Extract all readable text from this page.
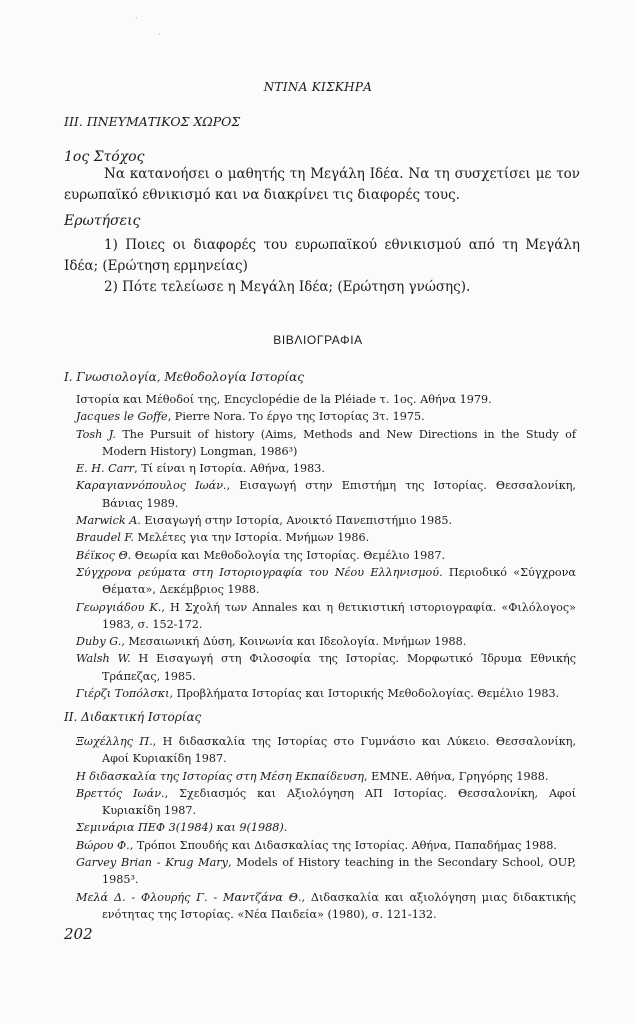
·
·
ΝΤΙΝΑ ΚΙΣΚΗΡΑ
ΙΙΙ. ΠΝΕΥΜΑΤΙΚΟΣ ΧΩΡΟΣ
1ος Στόχος
Να κατανοήσει ο μαθητής τη Μεγάλη Ιδέα. Να τη συσχετίσει με τον ευρωπαϊκό εθνικισμό και να διακρίνει τις διαφορές τους.
Ερωτήσεις
1) Ποιες οι διαφορές του ευρωπαϊκού εθνικισμού από τη Μεγάλη Ιδέα; (Ερώτηση ερμηνείας)
2) Πότε τελείωσε η Μεγάλη Ιδέα; (Ερώτηση γνώσης).
ΒΙΒΛΙΟΓΡΑΦΙΑ
Ι. Γνωσιολογία, Μεθοδολογία Ιστορίας
Ιστορία και Μέθοδοί της, Encyclopédie de la Pléiade τ. 1ος. Αθήνα 1979.
Jacques le Goffe, Pierre Nora. Το έργο της Ιστορίας 3τ. 1975.
Tosh J. The Pursuit of history (Aims, Methods and New Directions in the Study of Modern History) Longman, 1986³)
E. H. Carr, Τί είναι η Ιστορία. Αθήνα, 1983.
Καραγιαννόπουλος Ιωάν., Εισαγωγή στην Επιστήμη της Ιστορίας. Θεσσαλονίκη, Βάνιας 1989.
Marwick A. Εισαγωγή στην Ιστορία, Ανοικτό Πανεπιστήμιο 1985.
Braudel F. Μελέτες για την Ιστορία. Μνήμων 1986.
Βέϊκος Θ. Θεωρία και Μεθοδολογία της Ιστορίας. Θεμέλιο 1987.
Σύγχρονα ρεύματα στη Ιστοριογραφία του Νέου Ελληνισμού. Περιοδικό «Σύγχρονα Θέματα», Δεκέμβριος 1988.
Γεωργιάδου Κ., Η Σχολή των Annales και η θετικιστική ιστοριογραφία. «Φιλόλογος» 1983, σ. 152-172.
Duby G., Μεσαιωνική Δύση, Κοινωνία και Ιδεολογία. Μνήμων 1988.
Walsh W. Η Εισαγωγή στη Φιλοσοφία της Ιστορίας. Μορφωτικό Ίδρυμα Εθνικής Τράπεζας, 1985.
Γιέρζι Τοπόλσκι, Προβλήματα Ιστορίας και Ιστορικής Μεθοδολογίας. Θεμέλιο 1983.
ΙΙ. Διδακτική Ιστορίας
Ξωχέλλης Π., Η διδασκαλία της Ιστορίας στο Γυμνάσιο και Λύκειο. Θεσσαλονίκη, Αφοί Κυριακίδη 1987.
Η διδασκαλία της Ιστορίας στη Μέση Εκπαίδευση, ΕΜΝΕ. Αθήνα, Γρηγόρης 1988.
Βρεττός Ιωάν., Σχεδιασμός και Αξιολόγηση ΑΠ Ιστορίας. Θεσσαλονίκη, Αφοί Κυριακίδη 1987.
Σεμινάρια ΠΕΦ 3(1984) και 9(1988).
Βώρου Φ., Τρόποι Σπουδής και Διδασκαλίας της Ιστορίας. Αθήνα, Παπαδήμας 1988.
Garvey Brian - Krug Mary, Models of History teaching in the Secondary School, OUP, 1985³.
Μελά Δ. - Φλουρής Γ. - Μαντζάνα Θ., Διδασκαλία και αξιολόγηση μιας διδακτικής ενότητας της Ιστορίας. «Νέα Παιδεία» (1980), σ. 121-132.
202
